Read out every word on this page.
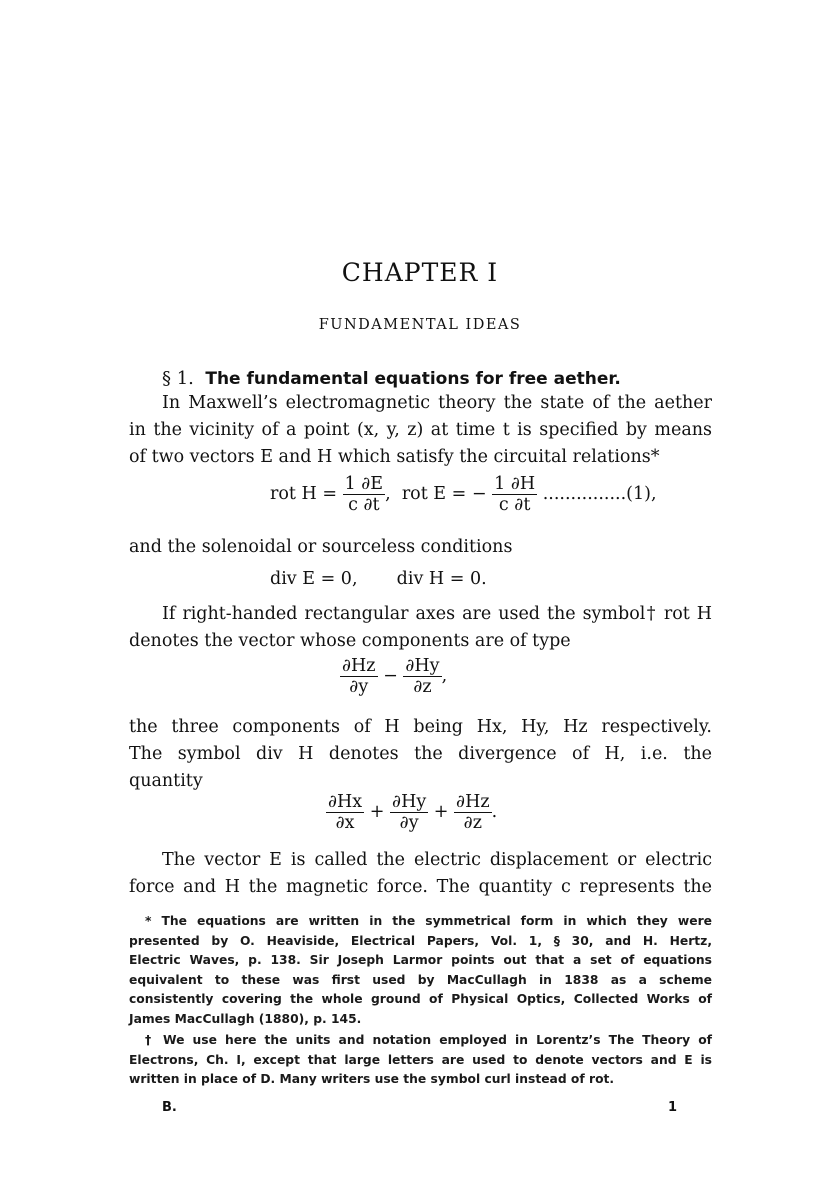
CHAPTER I
FUNDAMENTAL IDEAS
§ 1. The fundamental equations for free aether.
In Maxwell’s electromagnetic theory the state of the aether
in the vicinity of a point (x, y, z) at time t is specified by means
of two vectors E and H which satisfy the circuital relations*
rot $H = \frac{1 \partial E}{c \partial t}$ , rot E = − $\frac{1 \partial H}{c \partial t} ...............(1)$,
and the solenoidal or sourceless conditions
div E = 0, div H = 0.
If right-handed rectangular axes are used the symbol† rot H
denotes the vector whose components are of type
$\frac{\partial Hz}{\partial y} - \frac{\partial Hy}{\partial z}$ ,
the three components of H being Hx, Hy, Hz respectively.
The symbol div H denotes the divergence of H, i.e. the
quantity
$\frac{\partial Hx}{\partial x} + \frac{\partial Hy}{\partial y} + \frac{\partial Hz}{\partial z}$ .
The vector E is called the electric displacement or electric
force and H the magnetic force. The quantity c represents the
* The equations are written in the symmetrical form in which they were
presented by O. Heaviside, Electrical Papers, Vol. 1, § 30, and H. Hertz,
Electric Waves, p. 138. Sir Joseph Larmor points out that a set of equations
equivalent to these was first used by MacCullagh in 1838 as a scheme
consistently covering the whole ground of Physical Optics, Collected Works of
James MacCullagh (1880), p. 145.
† We use here the units and notation employed in Lorentz’s The Theory of
Electrons, Ch. I, except that large letters are used to denote vectors and E is
written in place of D. Many writers use the symbol curl instead of rot.
B.	1
